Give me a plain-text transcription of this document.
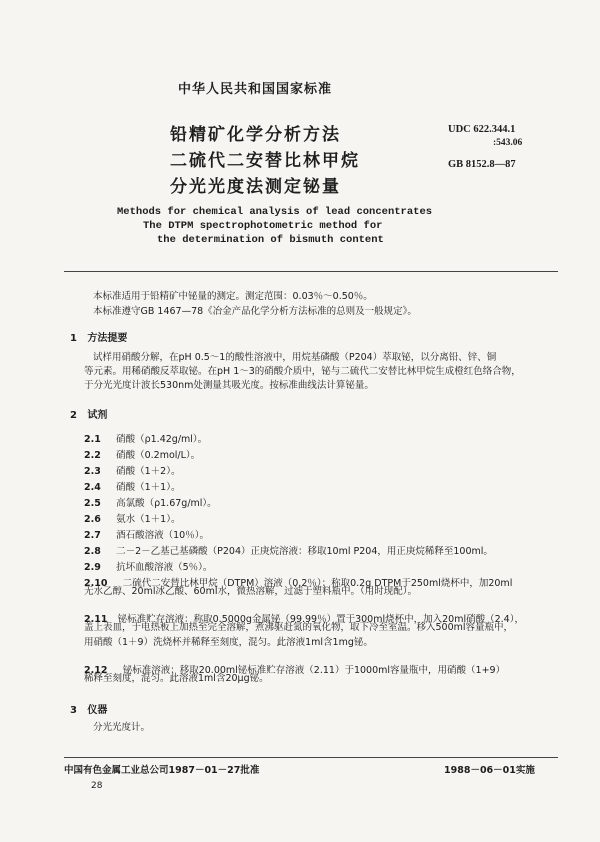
中华人民共和国国家标准
铅精矿化学分析方法
二硫代二安替比林甲烷
分光光度法测定铋量
UDC 622.344.1
:543.06
GB 8152.8—87
Methods for chemical analysis of lead concentrates
The DTPM spectrophotometric method for
the determination of bismuth content
本标准适用于铅精矿中铋量的测定。测定范围：0.03％～0.50％。
本标准遵守GB 1467—78《冶金产品化学分析方法标准的总则及一般规定》。
1 方法提要
试样用硝酸分解，在pH 0.5～1的酸性溶液中，用烷基磷酸（P204）萃取铋，以分离铅、锌、铜
等元素。用稀硝酸反萃取铋。在pH 1～3的硝酸介质中，铋与二硫代二安替比林甲烷生成橙红色络合物，
于分光光度计波长530nm处测量其吸光度。按标准曲线法计算铋量。
2 试剂
2.1 硝酸（ρ1.42g/ml）。
2.2 硝酸（0.2mol/L）。
2.3 硝酸（1＋2）。
2.4 硝酸（1＋1）。
2.5 高氯酸（ρ1.67g/ml）。
2.6 氨水（1＋1）。
2.7 酒石酸溶液（10％）。
2.8 二－2－乙基己基磷酸（P204）正庚烷溶液：移取10ml P204，用正庚烷稀释至100ml。
2.9 抗坏血酸溶液（5％）。
2.10 二硫代二安替比林甲烷（DTPM）溶液（0.2％）：称取0.2g DTPM于250ml烧杯中，加20ml
无水乙醇、20ml冰乙酸、60ml水，微热溶解，过滤于塑料瓶中。（用时现配）。
2.11 铋标准贮存溶液：称取0.5000g金属铋（99.99％）置于300ml烧杯中，加入20ml硝酸（2.4），
盖上表皿，于电热板上加热至完全溶解，煮沸驱赶氮的氧化物，取下冷至室温。移入500ml容量瓶中，
用硝酸（1＋9）洗烧杯并稀释至刻度，混匀。此溶液1ml含1mg铋。
2.12 铋标准溶液：移取20.00ml铋标准贮存溶液（2.11）于1000ml容量瓶中，用硝酸（1+9）
稀释至刻度，混匀。此溶液1ml含20μg铋。
3 仪器
分光光度计。
中国有色金属工业总公司1987－01－27批准	1988－06－01实施
28
